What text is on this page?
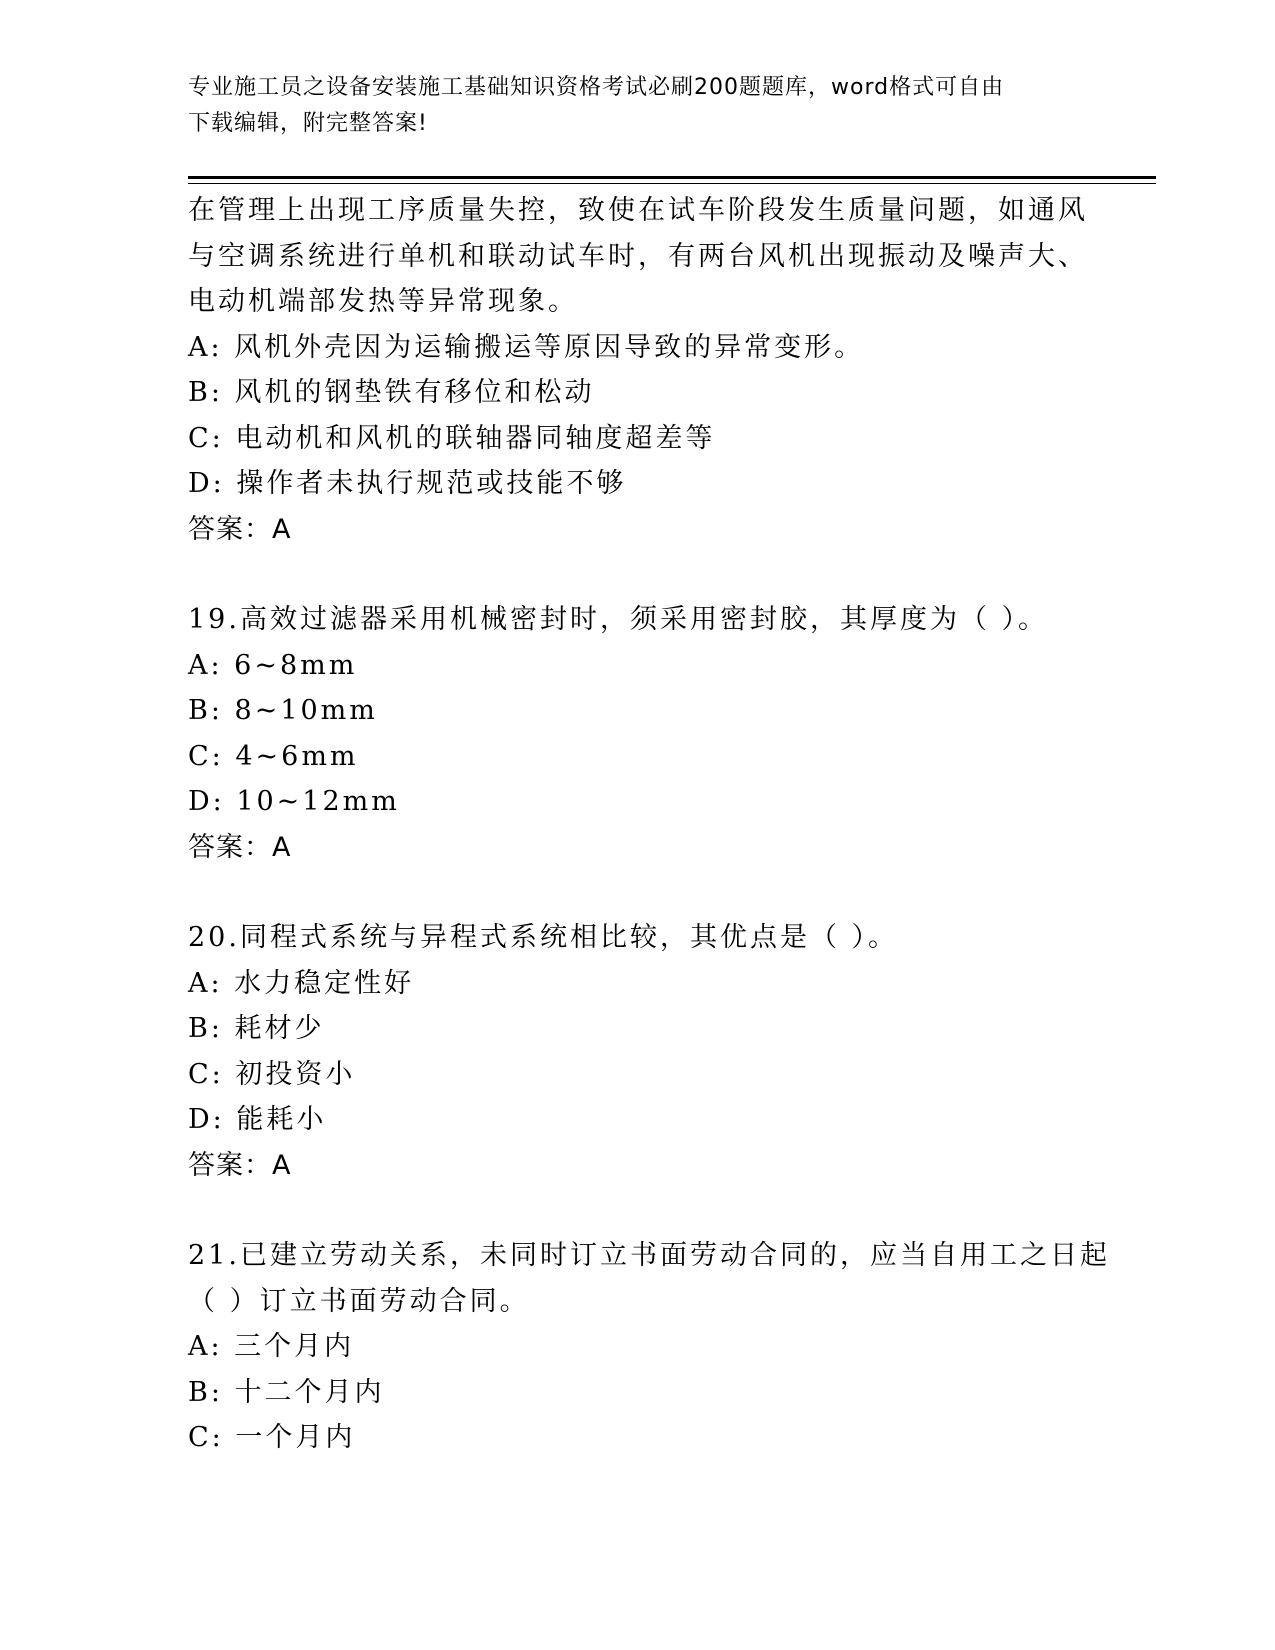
专业施工员之设备安装施工基础知识资格考试必刷200题题库，word格式可自由
下载编辑，附完整答案!
在管理上出现工序质量失控，致使在试车阶段发生质量问题，如通风
与空调系统进行单机和联动试车时，有两台风机出现振动及噪声大、
电动机端部发热等异常现象。
A: 风机外壳因为运输搬运等原因导致的异常变形。
B: 风机的钢垫铁有移位和松动
C: 电动机和风机的联轴器同轴度超差等
D: 操作者未执行规范或技能不够
答案：A
19.高效过滤器采用机械密封时，须采用密封胶，其厚度为（ ）。
A: 6~8mm
B: 8~10mm
C: 4~6mm
D: 10~12mm
答案：A
20.同程式系统与异程式系统相比较，其优点是（ ）。
A: 水力稳定性好
B: 耗材少
C: 初投资小
D: 能耗小
答案：A
21.已建立劳动关系，未同时订立书面劳动合同的，应当自用工之日起
（ ）订立书面劳动合同。
A: 三个月内
B: 十二个月内
C: 一个月内
